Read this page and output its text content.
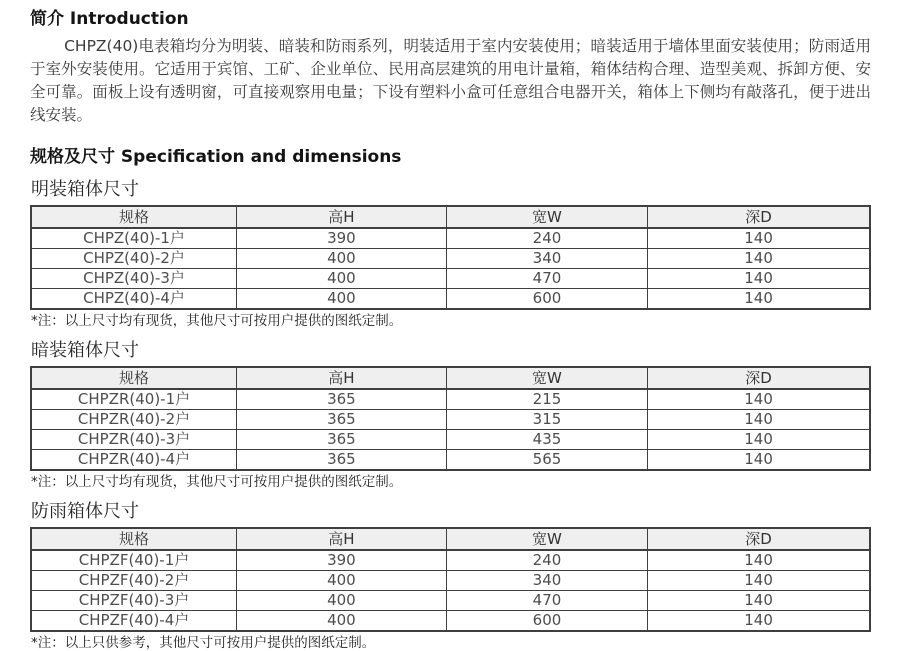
简介 Introduction

CHPZ(40)电表箱均分为明装、暗装和防雨系列，明装适用于室内安装使用；暗装适用于墙体里面安装使用；防雨适用于室外安装使用。它适用于宾馆、工矿、企业单位、民用高层建筑的用电计量箱，箱体结构合理、造型美观、拆卸方便、安全可靠。面板上设有透明窗，可直接观察用电量；下设有塑料小盒可任意组合电器开关，箱体上下侧均有敲落孔，便于进出线安装。

规格及尺寸 Specification and dimensions
明装箱体尺寸
规格	高H	宽W	深D
CHPZ(40)-1户	390	240	140
CHPZ(40)-2户	400	340	140
CHPZ(40)-3户	400	470	140
CHPZ(40)-4户	400	600	140

*注：以上尺寸均有现货，其他尺寸可按用户提供的图纸定制。

暗装箱体尺寸
规格	高H	宽W	深D
CHPZR(40)-1户	365	215	140
CHPZR(40)-2户	365	315	140
CHPZR(40)-3户	365	435	140
CHPZR(40)-4户	365	565	140

*注：以上尺寸均有现货，其他尺寸可按用户提供的图纸定制。

防雨箱体尺寸
规格	高H	宽W	深D
CHPZF(40)-1户	390	240	140
CHPZF(40)-2户	400	340	140
CHPZF(40)-3户	400	470	140
CHPZF(40)-4户	400	600	140

*注：以上只供参考，其他尺寸可按用户提供的图纸定制。
